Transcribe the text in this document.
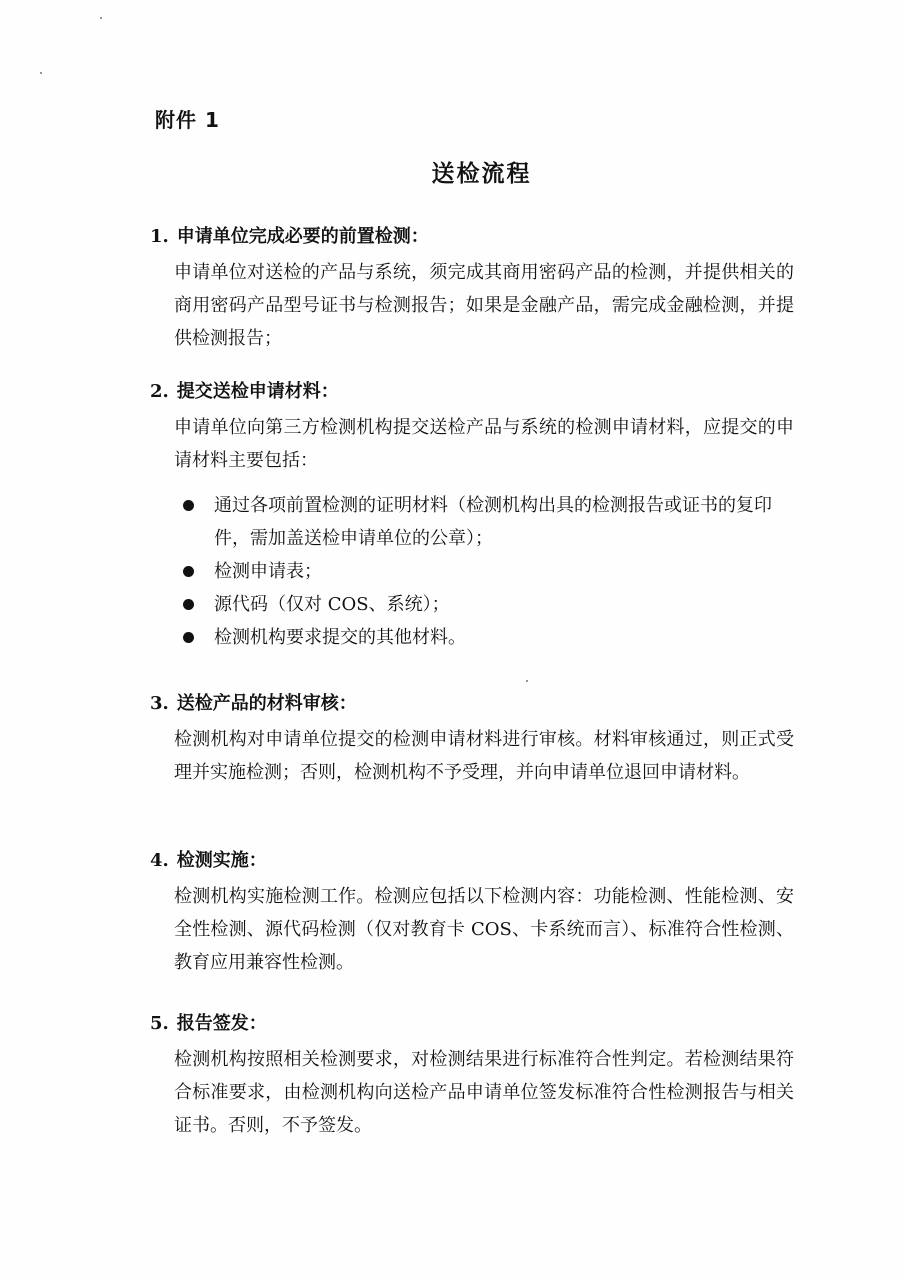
附件 1
送检流程
1. 申请单位完成必要的前置检测：
申请单位对送检的产品与系统，须完成其商用密码产品的检测，并提供相关的商用密码产品型号证书与检测报告；如果是金融产品，需完成金融检测，并提供检测报告；
2. 提交送检申请材料：
申请单位向第三方检测机构提交送检产品与系统的检测申请材料，应提交的申请材料主要包括：
通过各项前置检测的证明材料（检测机构出具的检测报告或证书的复印件，需加盖送检申请单位的公章）；
检测申请表；
源代码（仅对 COS、系统）；
检测机构要求提交的其他材料。
3. 送检产品的材料审核：
检测机构对申请单位提交的检测申请材料进行审核。材料审核通过，则正式受理并实施检测；否则，检测机构不予受理，并向申请单位退回申请材料。
4. 检测实施：
检测机构实施检测工作。检测应包括以下检测内容：功能检测、性能检测、安全性检测、源代码检测（仅对教育卡 COS、卡系统而言）、标准符合性检测、教育应用兼容性检测。
5. 报告签发：
检测机构按照相关检测要求，对检测结果进行标准符合性判定。若检测结果符合标准要求，由检测机构向送检产品申请单位签发标准符合性检测报告与相关证书。否则，不予签发。
